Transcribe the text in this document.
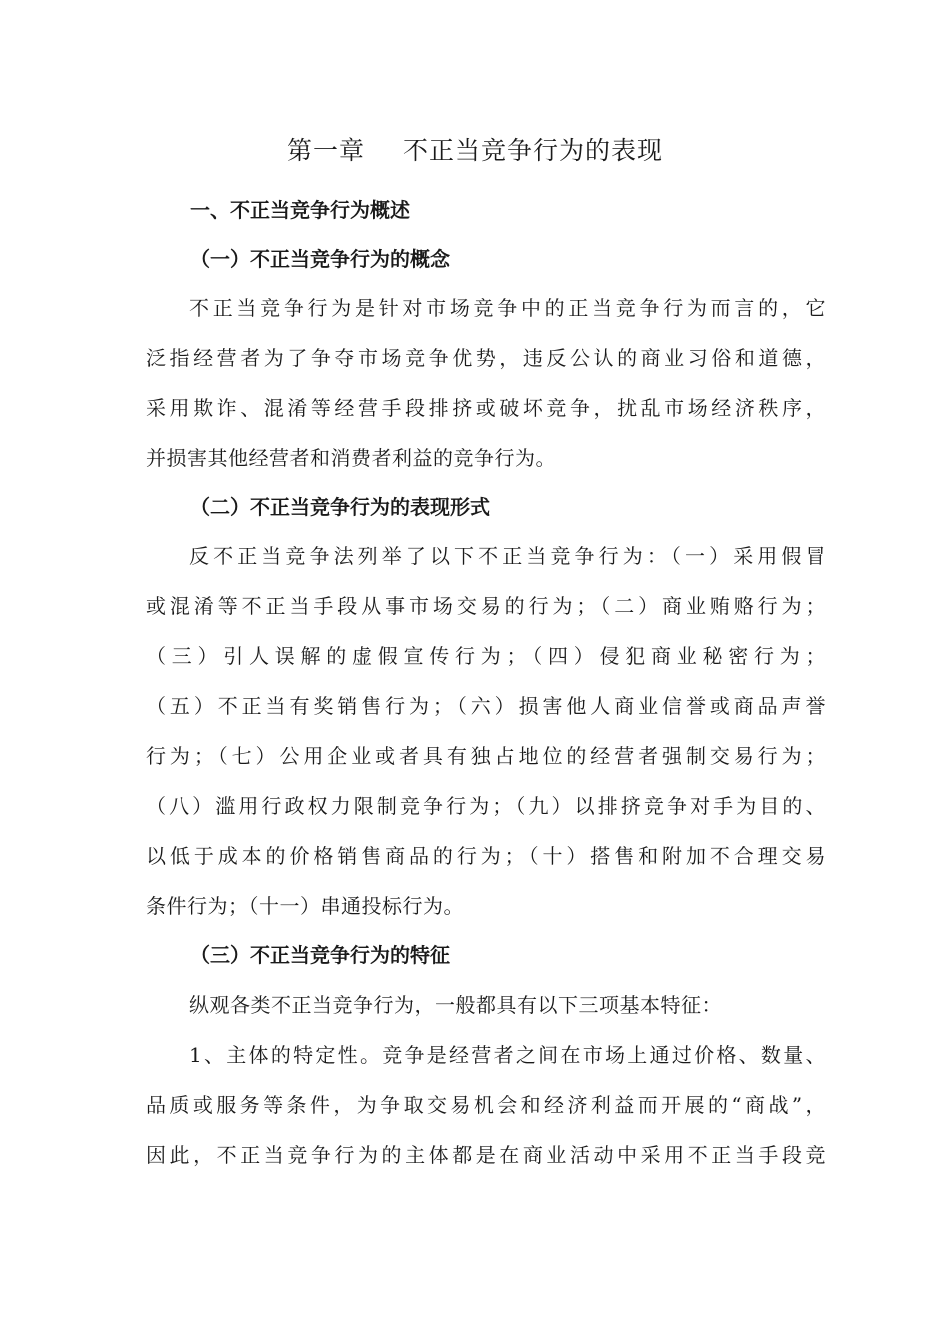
第一章 不正当竞争行为的表现
一、不正当竞争行为概述
（一）不正当竞争行为的概念
不正当竞争行为是针对市场竞争中的正当竞争行为而言的，它
泛指经营者为了争夺市场竞争优势，违反公认的商业习俗和道德，
采用欺诈、混淆等经营手段排挤或破坏竞争，扰乱市场经济秩序，
并损害其他经营者和消费者利益的竞争行为。
（二）不正当竞争行为的表现形式
反不正当竞争法列举了以下不正当竞争行为：（一）采用假冒
或混淆等不正当手段从事市场交易的行为；（二）商业贿赂行为；
（三）引人误解的虚假宣传行为；（四）侵犯商业秘密行为；
（五）不正当有奖销售行为；（六）损害他人商业信誉或商品声誉
行为；（七）公用企业或者具有独占地位的经营者强制交易行为；
（八）滥用行政权力限制竞争行为；（九）以排挤竞争对手为目的、
以低于成本的价格销售商品的行为；（十）搭售和附加不合理交易
条件行为；（十一）串通投标行为。
（三）不正当竞争行为的特征
纵观各类不正当竞争行为，一般都具有以下三项基本特征：
1、主体的特定性。竞争是经营者之间在市场上通过价格、数量、
品质或服务等条件，为争取交易机会和经济利益而开展的“商战”，
因此，不正当竞争行为的主体都是在商业活动中采用不正当手段竞
